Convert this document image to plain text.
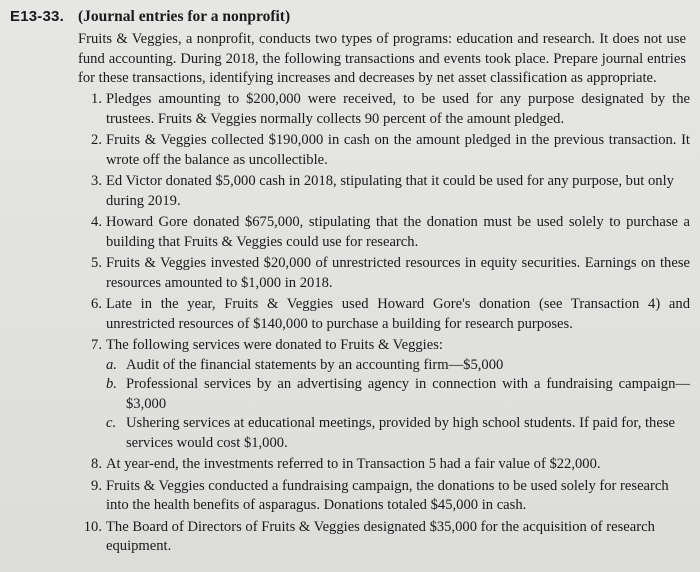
E13-33. (Journal entries for a nonprofit)
Fruits & Veggies, a nonprofit, conducts two types of programs: education and research. It does not use fund accounting. During 2018, the following transactions and events took place. Prepare journal entries for these transactions, identifying increases and decreases by net asset classification as appropriate.
1. Pledges amounting to $200,000 were received, to be used for any purpose designated by the trustees. Fruits & Veggies normally collects 90 percent of the amount pledged.
2. Fruits & Veggies collected $190,000 in cash on the amount pledged in the previous transaction. It wrote off the balance as uncollectible.
3. Ed Victor donated $5,000 cash in 2018, stipulating that it could be used for any purpose, but only during 2019.
4. Howard Gore donated $675,000, stipulating that the donation must be used solely to purchase a building that Fruits & Veggies could use for research.
5. Fruits & Veggies invested $20,000 of unrestricted resources in equity securities. Earnings on these resources amounted to $1,000 in 2018.
6. Late in the year, Fruits & Veggies used Howard Gore's donation (see Transaction 4) and unrestricted resources of $140,000 to purchase a building for research purposes.
7. The following services were donated to Fruits & Veggies:
a. Audit of the financial statements by an accounting firm—$5,000
b. Professional services by an advertising agency in connection with a fundraising campaign—$3,000
c. Ushering services at educational meetings, provided by high school students. If paid for, these services would cost $1,000.
8. At year-end, the investments referred to in Transaction 5 had a fair value of $22,000.
9. Fruits & Veggies conducted a fundraising campaign, the donations to be used solely for research into the health benefits of asparagus. Donations totaled $45,000 in cash.
10. The Board of Directors of Fruits & Veggies designated $35,000 for the acquisition of research equipment.
